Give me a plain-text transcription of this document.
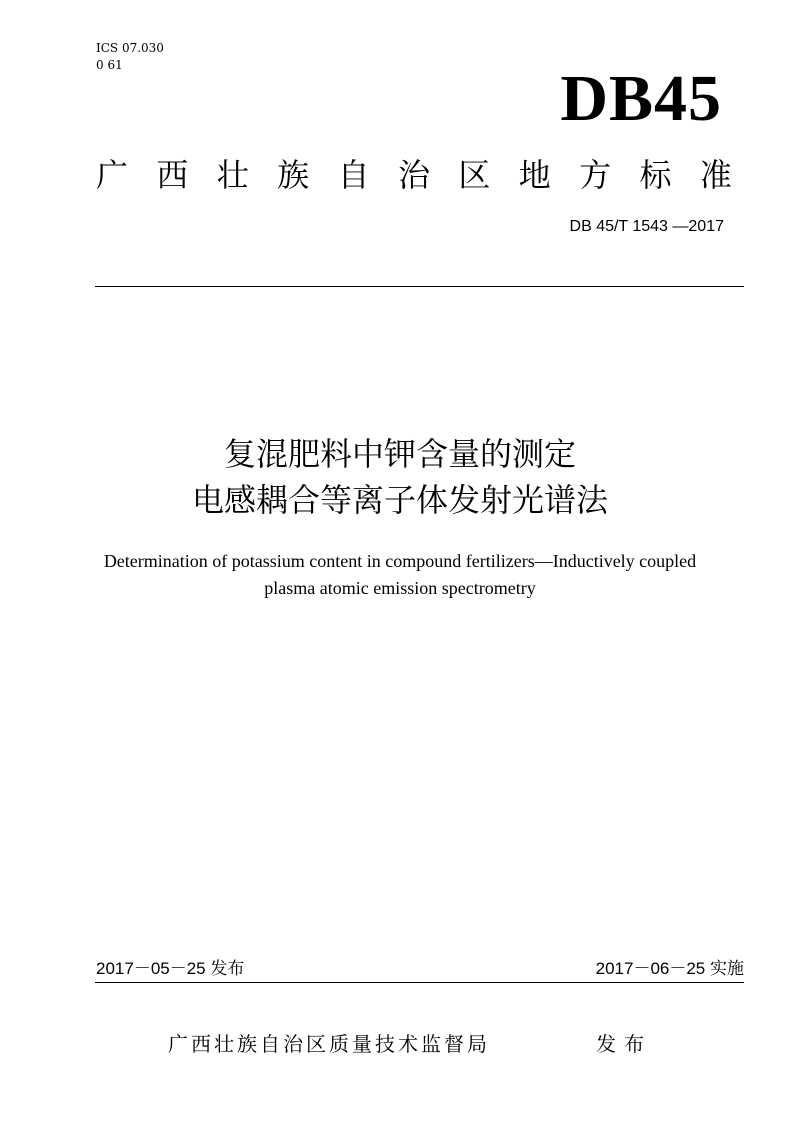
ICS 07.030
0 61	DB45
广 西 壮 族 自 治 区 地 方 标 准
DB 45/T 1543 —2017
复混肥料中钾含量的测定
电感耦合等离子体发射光谱法
Determination of potassium content in compound fertilizers—Inductively coupled
plasma atomic emission spectrometry
2017－05－25 发布	2017－06－25 实施
广西壮族自治区质量技术监督局	发布
